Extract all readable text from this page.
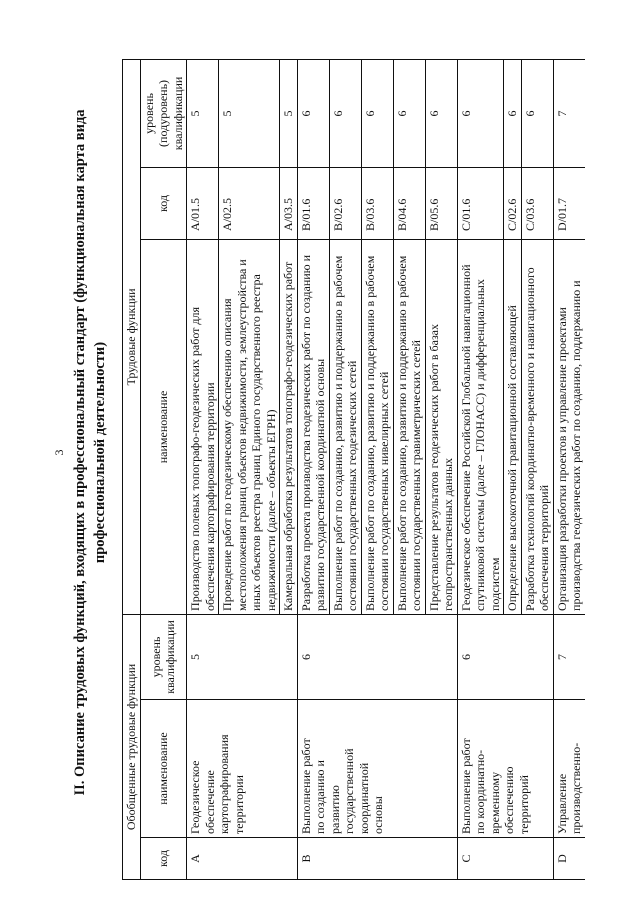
3 II. Описание трудовых функций, входящих в профессиональный стандарт (функциональная карта вида профессиональной деятельности)
Обобщенные трудовые функции			Трудовые функции		
код	наименование	уровень квалификации	наименование	код	уровень (подуровень) квалификации
A	Геодезическое обеспечение картографирования территории	5	Производство полевых топографо-геодезических работ для обеспечения картографирования территории	A/01.5	5
			Проведение работ по геодезическому обеспечению описания местоположения границ объектов недвижимости, землеустройства и иных объектов реестра границ Единого государственного реестра недвижимости (далее – объекты ЕГРН)	A/02.5	5
			Камеральная обработка результатов топографо-геодезических работ	A/03.5	5
B	Выполнение работ по созданию и развитию государственной координатной основы	6	Разработка проекта производства геодезических работ по созданию и развитию государственной координатной основы	B/01.6	6
			Выполнение работ по созданию, развитию и поддержанию в рабочем состоянии государственных геодезических сетей	B/02.6	6
			Выполнение работ по созданию, развитию и поддержанию в рабочем состоянии государственных нивелирных сетей	B/03.6	6
			Выполнение работ по созданию, развитию и поддержанию в рабочем состоянии государственных гравиметрических сетей	B/04.6	6
			Представление результатов геодезических работ в базах геопространственных данных	B/05.6	6
C	Выполнение работ по координатно-временному обеспечению территорий	6	Геодезическое обеспечение Российской Глобальной навигационной спутниковой системы (далее – ГЛОНАСС) и дифференциальных подсистем	C/01.6	6
			Определение высокоточной гравитационной составляющей	C/02.6	6
			Разработка технологий координатно-временного и навигационного обеспечения территорий	C/03.6	6
D	Управление производственно-	7	Организация разработки проектов и управление проектами производства геодезических работ по созданию, поддержанию и	D/01.7	7
